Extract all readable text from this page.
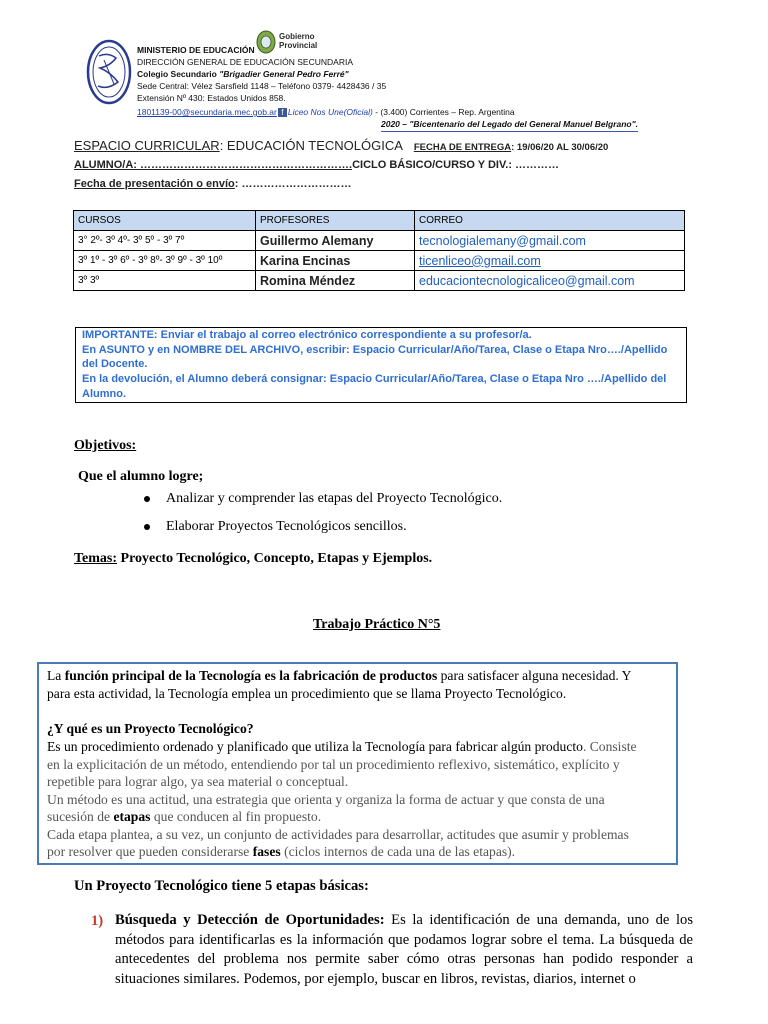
Gobierno
Provincial
MINISTERIO DE EDUCACIÓN
DIRECCIÓN GENERAL DE EDUCACIÓN SECUNDARIA
Colegio Secundario "Brigadier General Pedro Ferré"
Sede Central: Vélez Sarsfield 1148 – Teléfono 0379- 4428436 / 35
Extensión Nº 430: Estados Unidos 858.
1801139-00@secundaria.mec.gob.ar f Liceo Nos Une(Oficial) - (3.400) Corrientes – Rep. Argentina
2020 – "Bicentenario del Legado del General Manuel Belgrano".
ESPACIO CURRICULAR: EDUCACIÓN TECNOLÓGICA FECHA DE ENTREGA: 19/06/20 AL 30/06/20
ALUMNO/A: ………………………………………………….CICLO BÁSICO/CURSO Y DIV.: …………
Fecha de presentación o envío: …………………………
CURSOS	PROFESORES	CORREO
3° 2º- 3º 4º- 3º 5º - 3º 7º	Guillermo Alemany	tecnologialemany@gmail.com
3º 1º - 3º 6º - 3º 8º- 3º 9º - 3º 10º	Karina Encinas	ticenliceo@gmail.com
3º 3º	Romina Méndez	educaciontecnologicaliceo@gmail.com
IMPORTANTE: Enviar el trabajo al correo electrónico correspondiente a su profesor/a.
En ASUNTO y en NOMBRE DEL ARCHIVO, escribir: Espacio Curricular/Año/Tarea, Clase o Etapa Nro…./Apellido
del Docente.
En la devolución, el Alumno deberá consignar: Espacio Curricular/Año/Tarea, Clase o Etapa Nro …./Apellido del
Alumno.
Objetivos:
Que el alumno logre;
Analizar y comprender las etapas del Proyecto Tecnológico.
Elaborar Proyectos Tecnológicos sencillos.
Temas: Proyecto Tecnológico, Concepto, Etapas y Ejemplos.
Trabajo Práctico N°5
La función principal de la Tecnología es la fabricación de productos para satisfacer alguna necesidad. Y
para esta actividad, la Tecnología emplea un procedimiento que se llama Proyecto Tecnológico.
¿Y qué es un Proyecto Tecnológico?
Es un procedimiento ordenado y planificado que utiliza la Tecnología para fabricar algún producto. Consiste
en la explicitación de un método, entendiendo por tal un procedimiento reflexivo, sistemático, explícito y
repetible para lograr algo, ya sea material o conceptual.
Un método es una actitud, una estrategia que orienta y organiza la forma de actuar y que consta de una
sucesión de etapas que conducen al fin propuesto.
Cada etapa plantea, a su vez, un conjunto de actividades para desarrollar, actitudes que asumir y problemas
por resolver que pueden considerarse fases (ciclos internos de cada una de las etapas).
Un Proyecto Tecnológico tiene 5 etapas básicas:
1) Búsqueda y Detección de Oportunidades: Es la identificación de una demanda, uno de los métodos para identificarlas es la información que podamos lograr sobre el tema. La búsqueda de antecedentes del problema nos permite saber cómo otras personas han podido responder a situaciones similares. Podemos, por ejemplo, buscar en libros, revistas, diarios, internet o
